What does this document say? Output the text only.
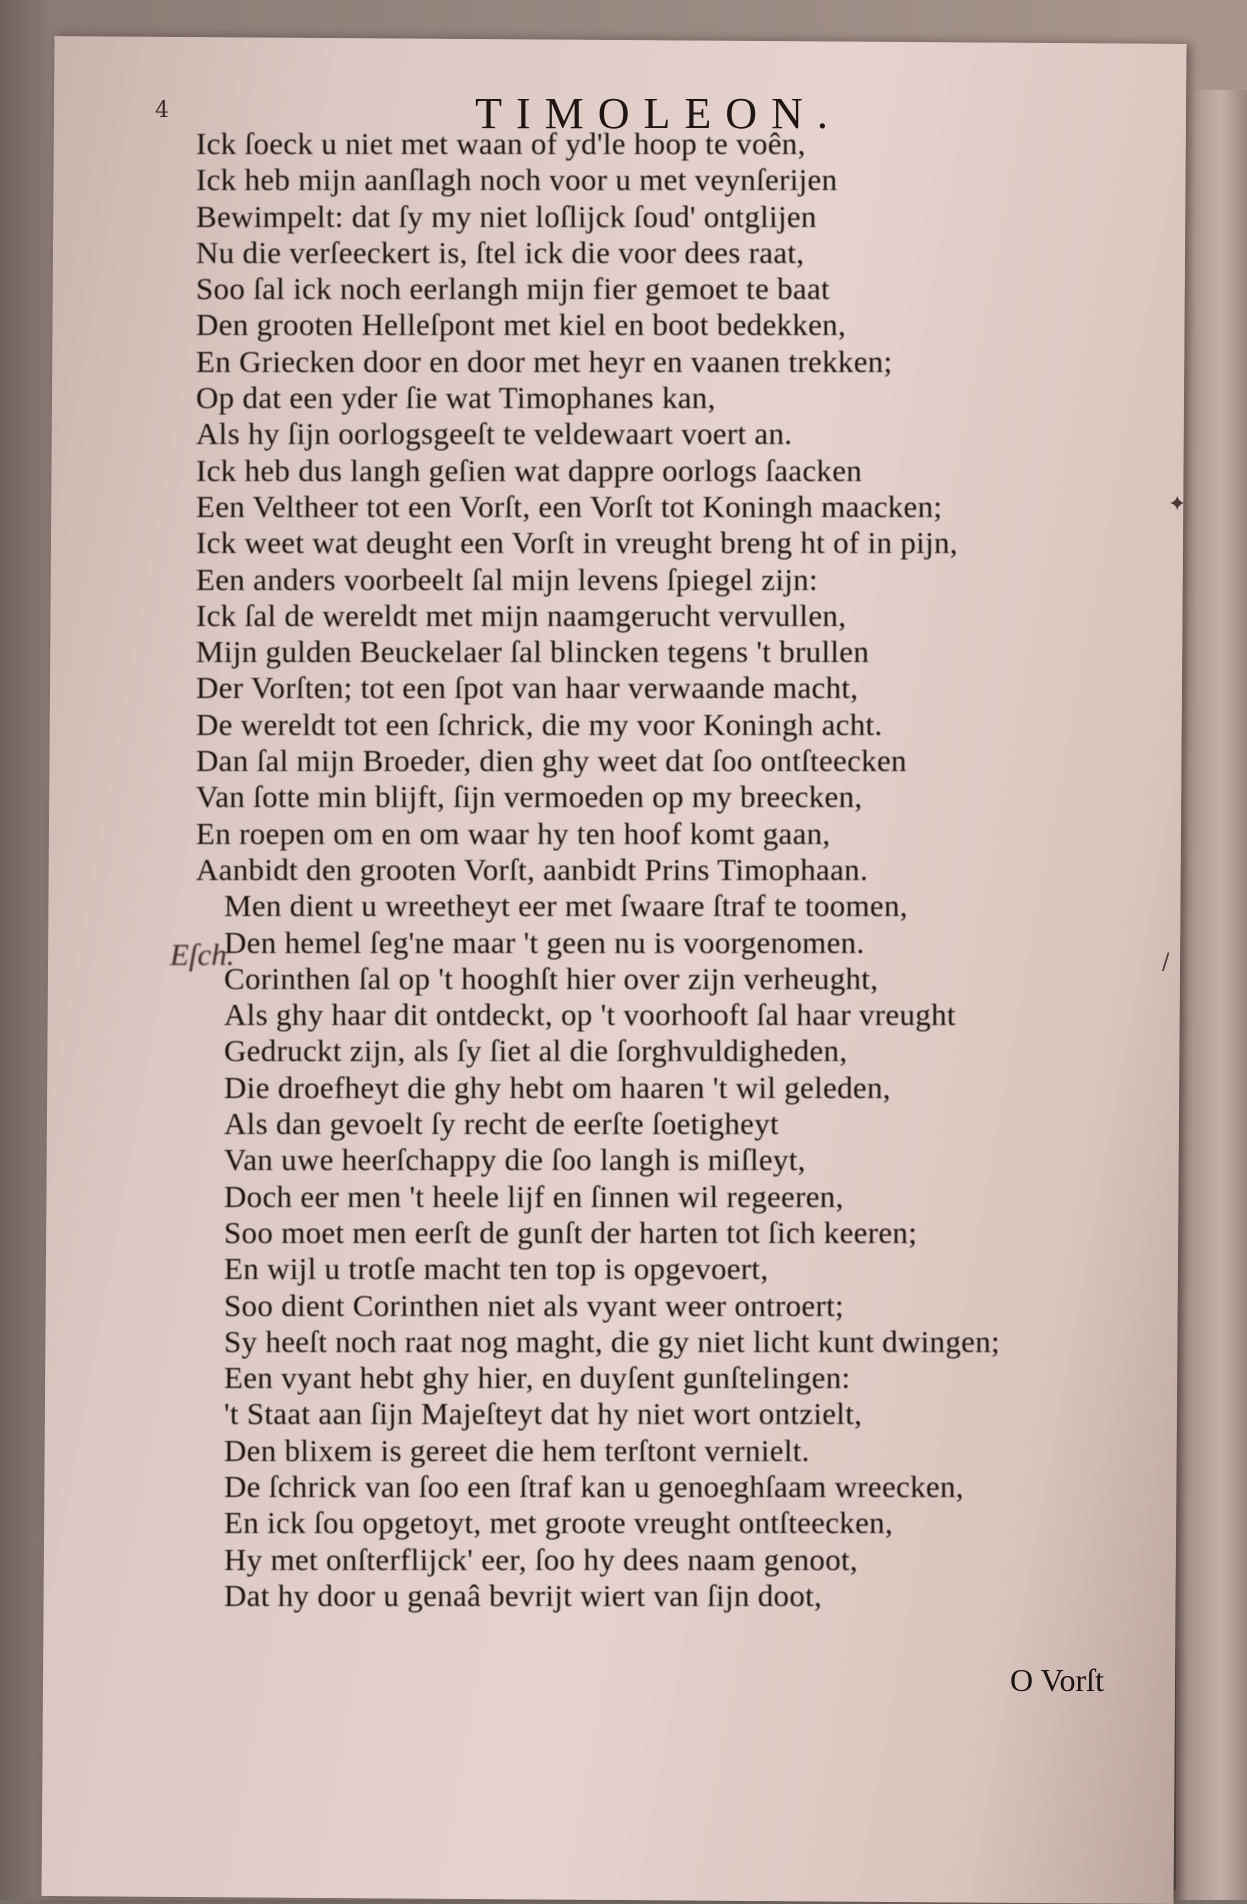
4	TIMOLEON.
Ick ſoeck u niet met waan of yd'le hoop te voên,
Ick heb mijn aanſlagh noch voor u met veynſerijen
Bewimpelt: dat ſy my niet loſlijck ſoud' ontglijen
Nu die verſeeckert is, ſtel ick die voor dees raat,
Soo ſal ick noch eerlangh mijn fier gemoet te baat
Den grooten Helleſpont met kiel en boot bedekken,
En Griecken door en door met heyr en vaanen trekken;
Op dat een yder ſie wat Timophanes kan,
Als hy ſijn oorlogsgeeſt te veldewaart voert an.
Ick heb dus langh geſien wat dappre oorlogs ſaacken
Een Veltheer tot een Vorſt, een Vorſt tot Koningh maacken;
Ick weet wat deught een Vorſt in vreught breng ht of in pijn,
Een anders voorbeelt ſal mijn levens ſpiegel zijn:
Ick ſal de wereldt met mijn naamgerucht vervullen,
Mijn gulden Beuckelaer ſal blincken tegens 't brullen
Der Vorſten; tot een ſpot van haar verwaande macht,
De wereldt tot een ſchrick, die my voor Koningh acht.
Dan ſal mijn Broeder, dien ghy weet dat ſoo ontſteecken
Van ſotte min blijft, ſijn vermoeden op my breecken,
En roepen om en om waar hy ten hoof komt gaan,
Aanbidt den grooten Vorſt, aanbidt Prins Timophaan.
Men dient u wreetheyt eer met ſwaare ſtraf te toomen,
Den hemel ſeg'ne maar 't geen nu is voorgenomen.
Corinthen ſal op 't hooghſt hier over zijn verheught,
Als ghy haar dit ontdeckt, op 't voorhooft ſal haar vreught
Gedruckt zijn, als ſy ſiet al die ſorghvuldigheden,
Die droefheyt die ghy hebt om haaren 't wil geleden,
Als dan gevoelt ſy recht de eerſte ſoetigheyt
Van uwe heerſchappy die ſoo langh is miſleyt,
Doch eer men 't heele lijf en ſinnen wil regeeren,
Soo moet men eerſt de gunſt der harten tot ſich keeren;
En wijl u trotſe macht ten top is opgevoert,
Soo dient Corinthen niet als vyant weer ontroert;
Sy heeſt noch raat nog maght, die gy niet licht kunt dwingen;
Een vyant hebt ghy hier, en duyſent gunſtelingen:
't Staat aan ſijn Majeſteyt dat hy niet wort ontzielt,
Den blixem is gereet die hem terſtont vernielt.
De ſchrick van ſoo een ſtraf kan u genoeghſaam wreecken,
En ick ſou opgetoyt, met groote vreught ontſteecken,
Hy met onſterflijck' eer, ſoo hy dees naam genoot,
Dat hy door u genaâ bevrijt wiert van ſijn doot,
Eſch.
O Vorſt
✦
/
